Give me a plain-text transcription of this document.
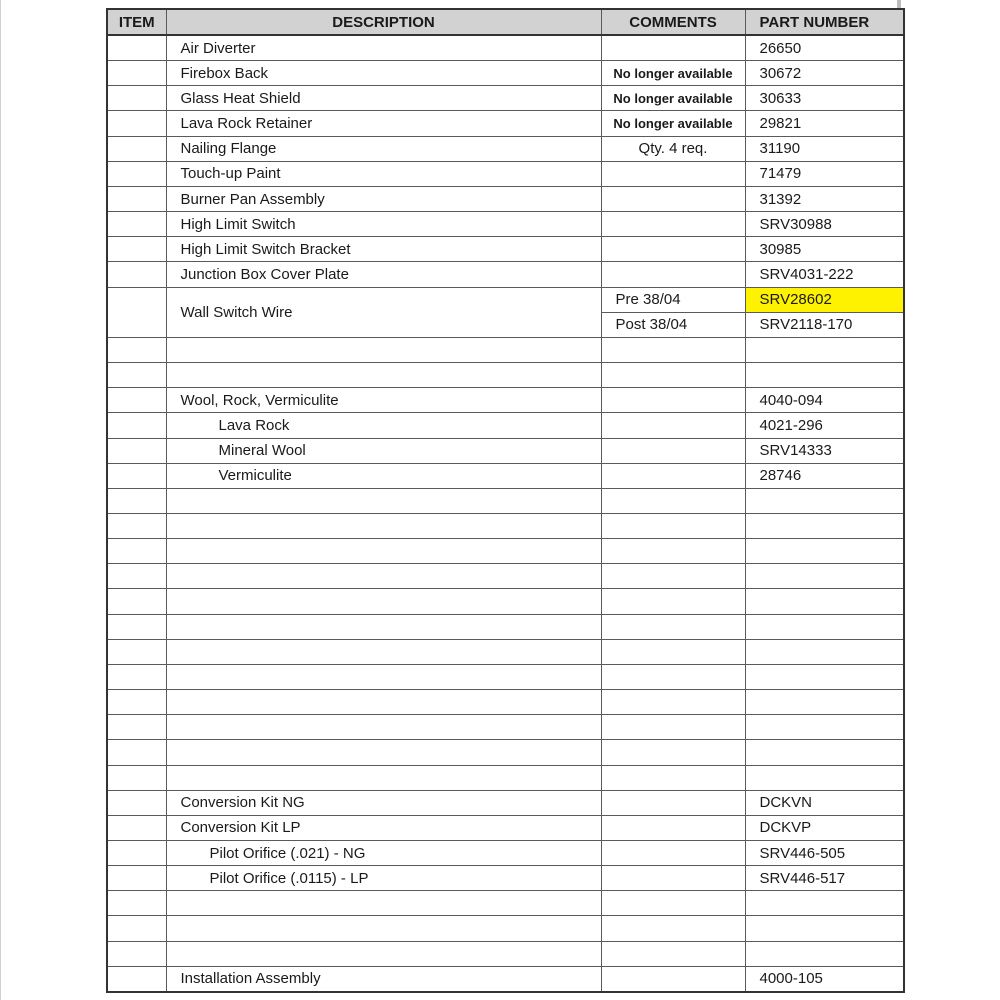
ITEM	DESCRIPTION	COMMENTS	PART NUMBER
	Air Diverter		26650
	Firebox Back	No longer available	30672
	Glass Heat Shield	No longer available	30633
	Lava Rock Retainer	No longer available	29821
	Nailing Flange	Qty. 4 req.	31190
	Touch-up Paint		71479
	Burner Pan Assembly		31392
	High Limit Switch		SRV30988
	High Limit Switch Bracket		30985
	Junction Box Cover Plate		SRV4031-222
	Wall Switch Wire	Pre 38/04	SRV28602
		Post 38/04	SRV2118-170

	Wool, Rock, Vermiculite		4040-094
	Lava Rock		4021-296
	Mineral Wool		SRV14333
	Vermiculite		28746

	Conversion Kit NG		DCKVN
	Conversion Kit LP		DCKVP
	Pilot Orifice (.021) - NG		SRV446-505
	Pilot Orifice (.0115) - LP		SRV446-517

	Installation Assembly		4000-105
